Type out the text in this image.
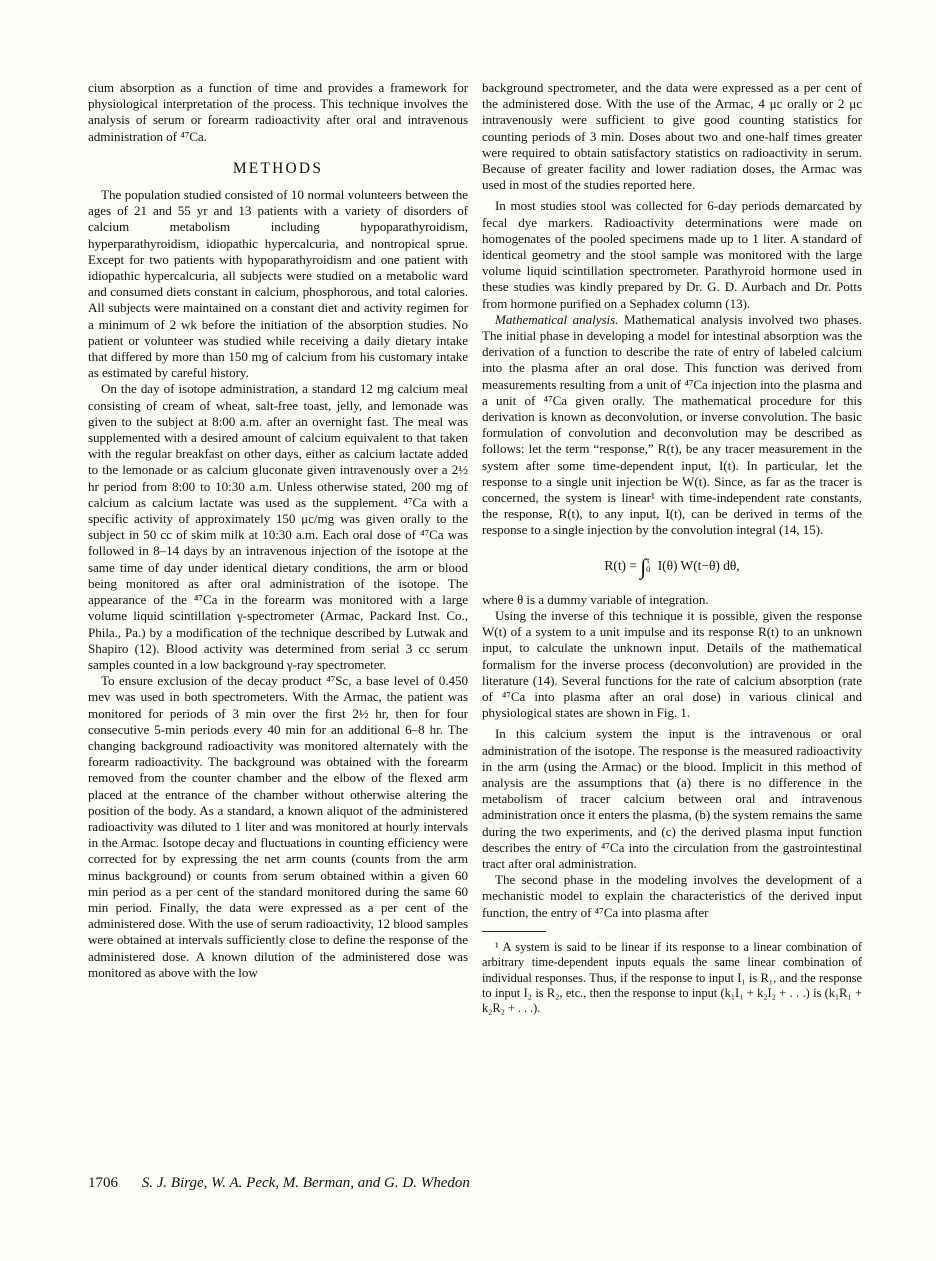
cium absorption as a function of time and provides a framework for physiological interpretation of the process. This technique involves the analysis of serum or forearm radioactivity after oral and intravenous administration of ⁴⁷Ca.

METHODS

The population studied consisted of 10 normal volunteers between the ages of 21 and 55 yr and 13 patients with a variety of disorders of calcium metabolism including hypoparathyroidism, hyperparathyroidism, idiopathic hypercalcuria, and nontropical sprue. Except for two patients with hypoparathyroidism and one patient with idiopathic hypercalcuria, all subjects were studied on a metabolic ward and consumed diets constant in calcium, phosphorous, and total calories. All subjects were maintained on a constant diet and activity regimen for a minimum of 2 wk before the initiation of the absorption studies. No patient or volunteer was studied while receiving a daily dietary intake that differed by more than 150 mg of calcium from his customary intake as estimated by careful history.

On the day of isotope administration, a standard 12 mg calcium meal consisting of cream of wheat, salt-free toast, jelly, and lemonade was given to the subject at 8:00 a.m. after an overnight fast. The meal was supplemented with a desired amount of calcium equivalent to that taken with the regular breakfast on other days, either as calcium lactate added to the lemonade or as calcium gluconate given intravenously over a 2½ hr period from 8:00 to 10:30 a.m. Unless otherwise stated, 200 mg of calcium as calcium lactate was used as the supplement. ⁴⁷Ca with a specific activity of approximately 150 μc/mg was given orally to the subject in 50 cc of skim milk at 10:30 a.m. Each oral dose of ⁴⁷Ca was followed in 8–14 days by an intravenous injection of the isotope at the same time of day under identical dietary conditions, the arm or blood being monitored as after oral administration of the isotope. The appearance of the ⁴⁷Ca in the forearm was monitored with a large volume liquid scintillation γ-spectrometer (Armac, Packard Inst. Co., Phila., Pa.) by a modification of the technique described by Lutwak and Shapiro (12). Blood activity was determined from serial 3 cc serum samples counted in a low background γ-ray spectrometer.

To ensure exclusion of the decay product ⁴⁷Sc, a base level of 0.450 mev was used in both spectrometers. With the Armac, the patient was monitored for periods of 3 min over the first 2½ hr, then for four consecutive 5-min periods every 40 min for an additional 6–8 hr. The changing background radioactivity was monitored alternately with the forearm radioactivity. The background was obtained with the forearm removed from the counter chamber and the elbow of the flexed arm placed at the entrance of the chamber without otherwise altering the position of the body. As a standard, a known aliquot of the administered radioactivity was diluted to 1 liter and was monitored at hourly intervals in the Armac. Isotope decay and fluctuations in counting efficiency were corrected for by expressing the net arm counts (counts from the arm minus background) or counts from serum obtained within a given 60 min period as a per cent of the standard monitored during the same 60 min period. Finally, the data were expressed as a per cent of the administered dose. With the use of serum radioactivity, 12 blood samples were obtained at intervals sufficiently close to define the response of the administered dose. A known dilution of the administered dose was monitored as above with the low

background spectrometer, and the data were expressed as a per cent of the administered dose. With the use of the Armac, 4 μc orally or 2 μc intravenously were sufficient to give good counting statistics for counting periods of 3 min. Doses about two and one-half times greater were required to obtain satisfactory statistics on radioactivity in serum. Because of greater facility and lower radiation doses, the Armac was used in most of the studies reported here.

In most studies stool was collected for 6-day periods demarcated by fecal dye markers. Radioactivity determinations were made on homogenates of the pooled specimens made up to 1 liter. A standard of identical geometry and the stool sample was monitored with the large volume liquid scintillation spectrometer. Parathyroid hormone used in these studies was kindly prepared by Dr. G. D. Aurbach and Dr. Potts from hormone purified on a Sephadex column (13).

Mathematical analysis. Mathematical analysis involved two phases. The initial phase in developing a model for intestinal absorption was the derivation of a function to describe the rate of entry of labeled calcium into the plasma after an oral dose. This function was derived from measurements resulting from a unit of ⁴⁷Ca injection into the plasma and a unit of ⁴⁷Ca given orally. The mathematical procedure for this derivation is known as deconvolution, or inverse convolution. The basic formulation of convolution and deconvolution may be described as follows: let the term “response,” R(t), be any tracer measurement in the system after some time-dependent input, I(t). In particular, let the response to a single unit injection be W(t). Since, as far as the tracer is concerned, the system is linear¹ with time-independent rate constants, the response, R(t), to any input, I(t), can be derived in terms of the response to a single injection by the convolution integral (14, 15).

R(t) = ∫t
0 I(θ) W(t−θ) dθ,

where θ is a dummy variable of integration.

Using the inverse of this technique it is possible, given the response W(t) of a system to a unit impulse and its response R(t) to an unknown input, to calculate the unknown input. Details of the mathematical formalism for the inverse process (deconvolution) are provided in the literature (14). Several functions for the rate of calcium absorption (rate of ⁴⁷Ca into plasma after an oral dose) in various clinical and physiological states are shown in Fig. 1.

In this calcium system the input is the intravenous or oral administration of the isotope. The response is the measured radioactivity in the arm (using the Armac) or the blood. Implicit in this method of analysis are the assumptions that (a) there is no difference in the metabolism of tracer calcium between oral and intravenous administration once it enters the plasma, (b) the system remains the same during the two experiments, and (c) the derived plasma input function describes the entry of ⁴⁷Ca into the circulation from the gastrointestinal tract after oral administration.

The second phase in the modeling involves the development of a mechanistic model to explain the characteristics of the derived input function, the entry of ⁴⁷Ca into plasma after

¹ A system is said to be linear if its response to a linear combination of arbitrary time-dependent inputs equals the same linear combination of individual responses. Thus, if the response to input I₁ is R₁, and the response to input I₂ is R₂, etc., then the response to input (k₁I₁ + k₂I₂ + . . .) is (k₁R₁ + k₂R₂ + . . .).

1706 S. J. Birge, W. A. Peck, M. Berman, and G. D. Whedon
